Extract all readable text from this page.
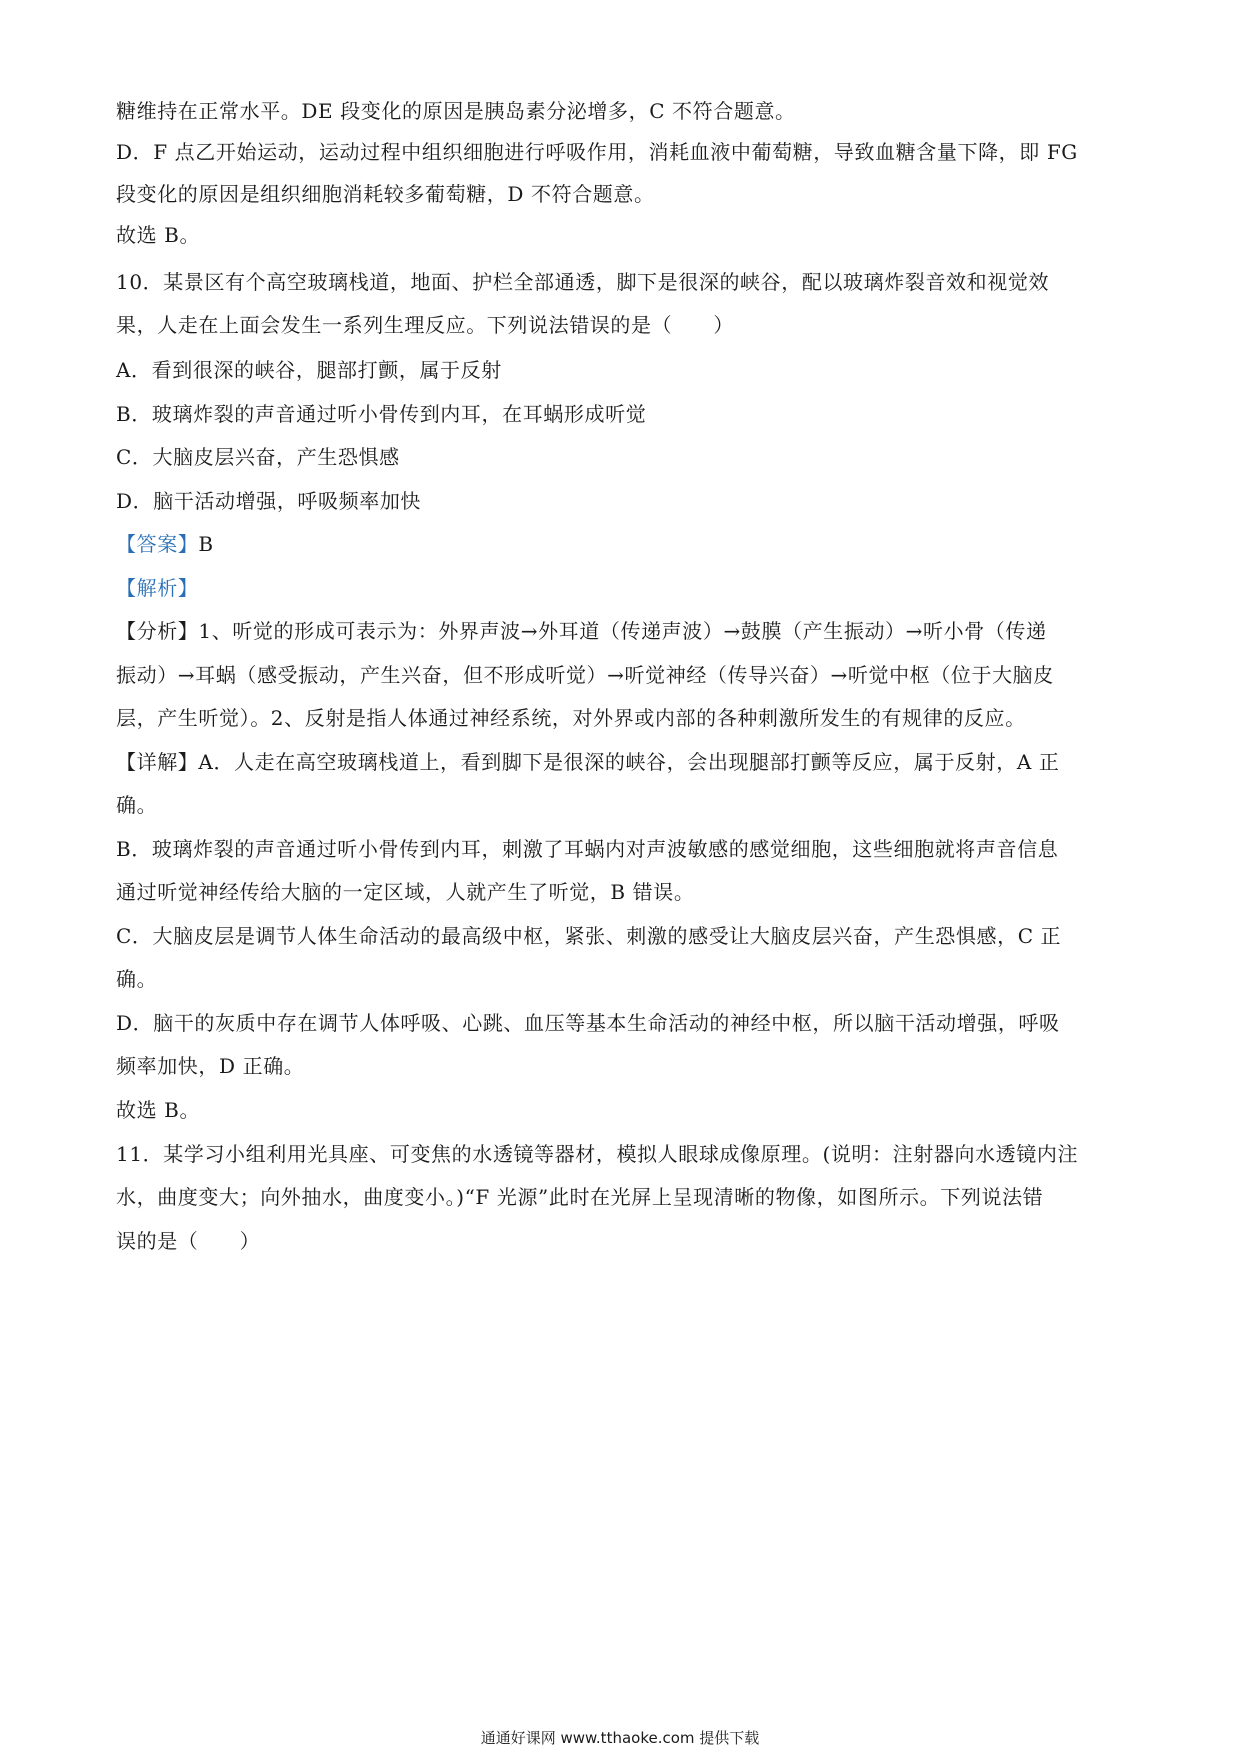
糖维持在正常水平。DE 段变化的原因是胰岛素分泌增多，C 不符合题意。
D．F 点乙开始运动，运动过程中组织细胞进行呼吸作用，消耗血液中葡萄糖，导致血糖含量下降，即 FG
段变化的原因是组织细胞消耗较多葡萄糖，D 不符合题意。
故选 B。
10．某景区有个高空玻璃栈道，地面、护栏全部通透，脚下是很深的峡谷，配以玻璃炸裂音效和视觉效
果，人走在上面会发生一系列生理反应。下列说法错误的是（　　）
A．看到很深的峡谷，腿部打颤，属于反射
B．玻璃炸裂的声音通过听小骨传到内耳，在耳蜗形成听觉
C．大脑皮层兴奋，产生恐惧感
D．脑干活动增强，呼吸频率加快
【答案】B
【解析】
【分析】1、听觉的形成可表示为：外界声波→外耳道（传递声波）→鼓膜（产生振动）→听小骨（传递
振动）→耳蜗（感受振动，产生兴奋，但不形成听觉）→听觉神经（传导兴奋）→听觉中枢（位于大脑皮
层，产生听觉）。2、反射是指人体通过神经系统，对外界或内部的各种刺激所发生的有规律的反应。
【详解】A．人走在高空玻璃栈道上，看到脚下是很深的峡谷，会出现腿部打颤等反应，属于反射，A 正
确。
B．玻璃炸裂的声音通过听小骨传到内耳，刺激了耳蜗内对声波敏感的感觉细胞，这些细胞就将声音信息
通过听觉神经传给大脑的一定区域，人就产生了听觉，B 错误。
C．大脑皮层是调节人体生命活动的最高级中枢，紧张、刺激的感受让大脑皮层兴奋，产生恐惧感，C 正
确。
D．脑干的灰质中存在调节人体呼吸、心跳、血压等基本生命活动的神经中枢，所以脑干活动增强，呼吸
频率加快，D 正确。
故选 B。
11．某学习小组利用光具座、可变焦的水透镜等器材，模拟人眼球成像原理。(说明：注射器向水透镜内注
水，曲度变大；向外抽水，曲度变小。)“F 光源”此时在光屏上呈现清晰的物像，如图所示。下列说法错
误的是（　　）
通通好课网 www.tthaoke.com 提供下载
